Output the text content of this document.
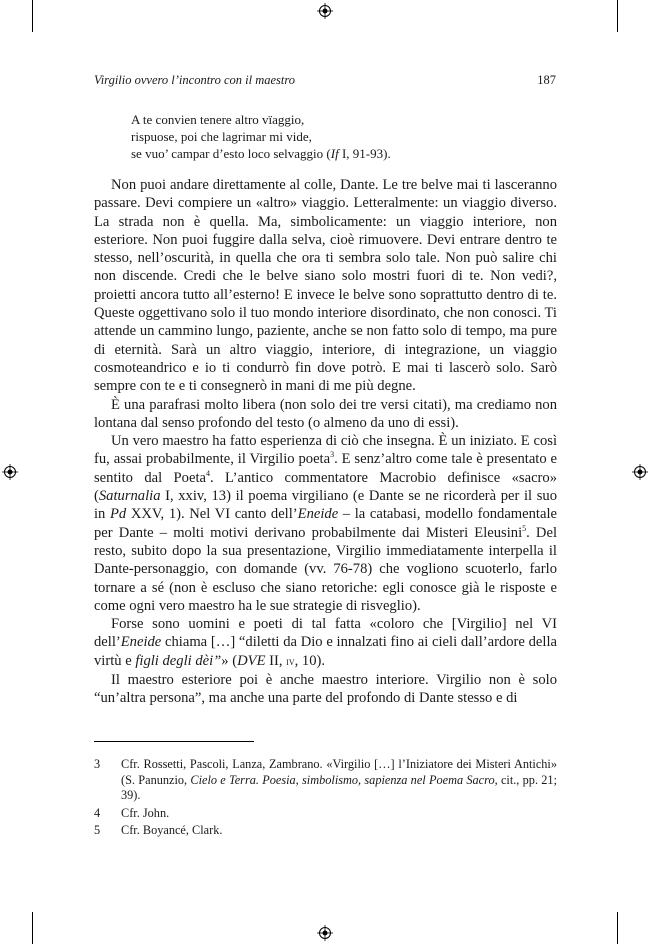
Virgilio ovvero l’incontro con il maestro	187
A te convien tenere altro vïaggio,
rispuose, poi che lagrimar mi vide,
se vuo’ campar d’esto loco selvaggio (If I, 91-93).

Non puoi andare direttamente al colle, Dante. Le tre belve mai ti lasceranno passare. Devi compiere un «altro» viaggio. Letteralmente: un viaggio diverso. La strada non è quella. Ma, simbolicamente: un viaggio interiore, non esteriore. Non puoi fuggire dalla selva, cioè rimuovere. Devi entrare dentro te stesso, nell’oscurità, in quella che ora ti sembra solo tale. Non può salire chi non discende. Credi che le belve siano solo mostri fuori di te. Non vedi?, proietti ancora tutto all’esterno! E invece le belve sono soprattutto dentro di te. Queste oggettivano solo il tuo mondo interiore disordinato, che non conosci. Ti attende un cammino lungo, paziente, anche se non fatto solo di tempo, ma pure di eternità. Sarà un altro viaggio, interiore, di integrazione, un viaggio cosmoteandrico e io ti condurrò fin dove potrò. E mai ti lascerò solo. Sarò sempre con te e ti consegnerò in mani di me più degne.

È una parafrasi molto libera (non solo dei tre versi citati), ma crediamo non lontana dal senso profondo del testo (o almeno da uno di essi).

Un vero maestro ha fatto esperienza di ciò che insegna. È un iniziato. E così fu, assai probabilmente, il Virgilio poeta$^3$. E senz’altro come tale è presentato e sentito dal Poeta$^4$. L’antico commentatore Macrobio definisce «sacro» (Saturnalia I, xxiv, 13) il poema virgiliano (e Dante se ne ricorderà per il suo in Pd XXV, 1). Nel VI canto dell’Eneide – la catabasi, modello fondamentale per Dante – molti motivi derivano probabilmente dai Misteri Eleusini$^5$. Del resto, subito dopo la sua presentazione, Virgilio immediatamente interpella il Dante-personaggio, con domande (vv. 76-78) che vogliono scuoterlo, farlo tornare a sé (non è escluso che siano retoriche: egli conosce già le risposte e come ogni vero maestro ha le sue strategie di risveglio).

Forse sono uomini e poeti di tal fatta «coloro che [Virgilio] nel VI dell’Eneide chiama […] “diletti da Dio e innalzati fino ai cieli dall’ardore della virtù e figli degli dèi”» (DVE II, iv, 10).

Il maestro esteriore poi è anche maestro interiore. Virgilio non è solo “un’altra persona”, ma anche una parte del profondo di Dante stesso e di

3	Cfr. Rossetti, Pascoli, Lanza, Zambrano. «Virgilio […] l’Iniziatore dei Misteri Antichi» (S. Panunzio, Cielo e Terra. Poesia, simbolismo, sapienza nel Poema Sacro, cit., pp. 21; 39).
4	Cfr. John.
5	Cfr. Boyancé, Clark.
